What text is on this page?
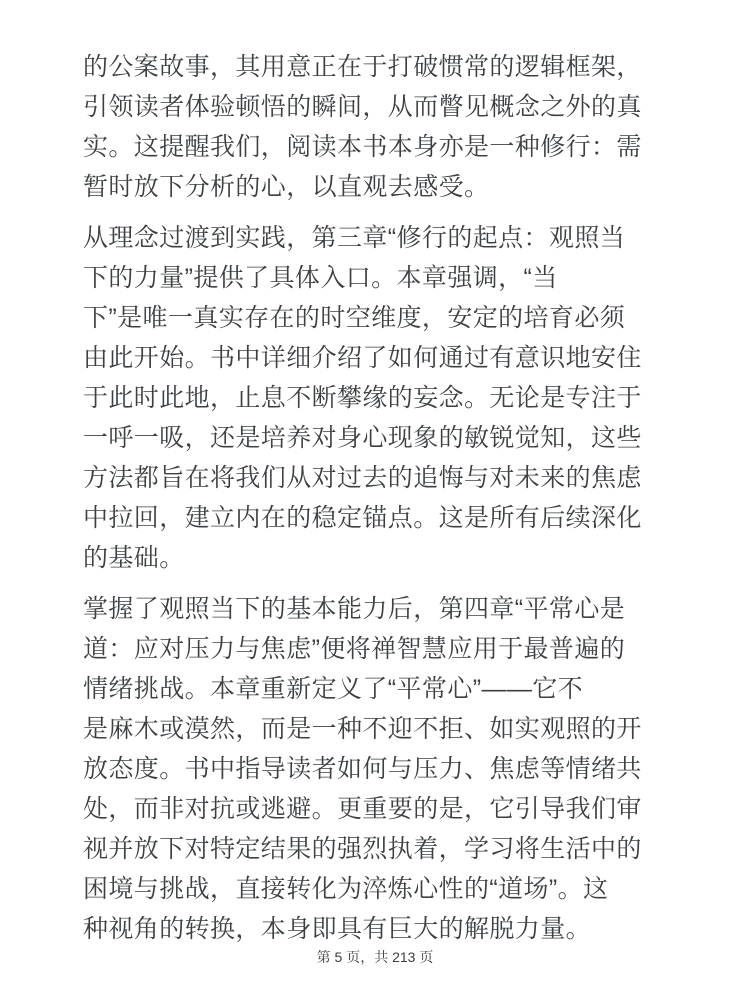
的公案故事，其用意正在于打破惯常的逻辑框架，
引领读者体验顿悟的瞬间，从而瞥见概念之外的真
实。这提醒我们，阅读本书本身亦是一种修行：需
暂时放下分析的心，以直观去感受。
从理念过渡到实践，第三章“修行的起点：观照当
下的力量”提供了具体入口。本章强调，“当
下”是唯一真实存在的时空维度，安定的培育必须
由此开始。书中详细介绍了如何通过有意识地安住
于此时此地，止息不断攀缘的妄念。无论是专注于
一呼一吸，还是培养对身心现象的敏锐觉知，这些
方法都旨在将我们从对过去的追悔与对未来的焦虑
中拉回，建立内在的稳定锚点。这是所有后续深化
的基础。
掌握了观照当下的基本能力后，第四章“平常心是
道：应对压力与焦虑”便将禅智慧应用于最普遍的
情绪挑战。本章重新定义了“平常心”——它不
是麻木或漠然，而是一种不迎不拒、如实观照的开
放态度。书中指导读者如何与压力、焦虑等情绪共
处，而非对抗或逃避。更重要的是，它引导我们审
视并放下对特定结果的强烈执着，学习将生活中的
困境与挑战，直接转化为淬炼心性的“道场”。这
种视角的转换，本身即具有巨大的解脱力量。
第 5 页，共 213 页
